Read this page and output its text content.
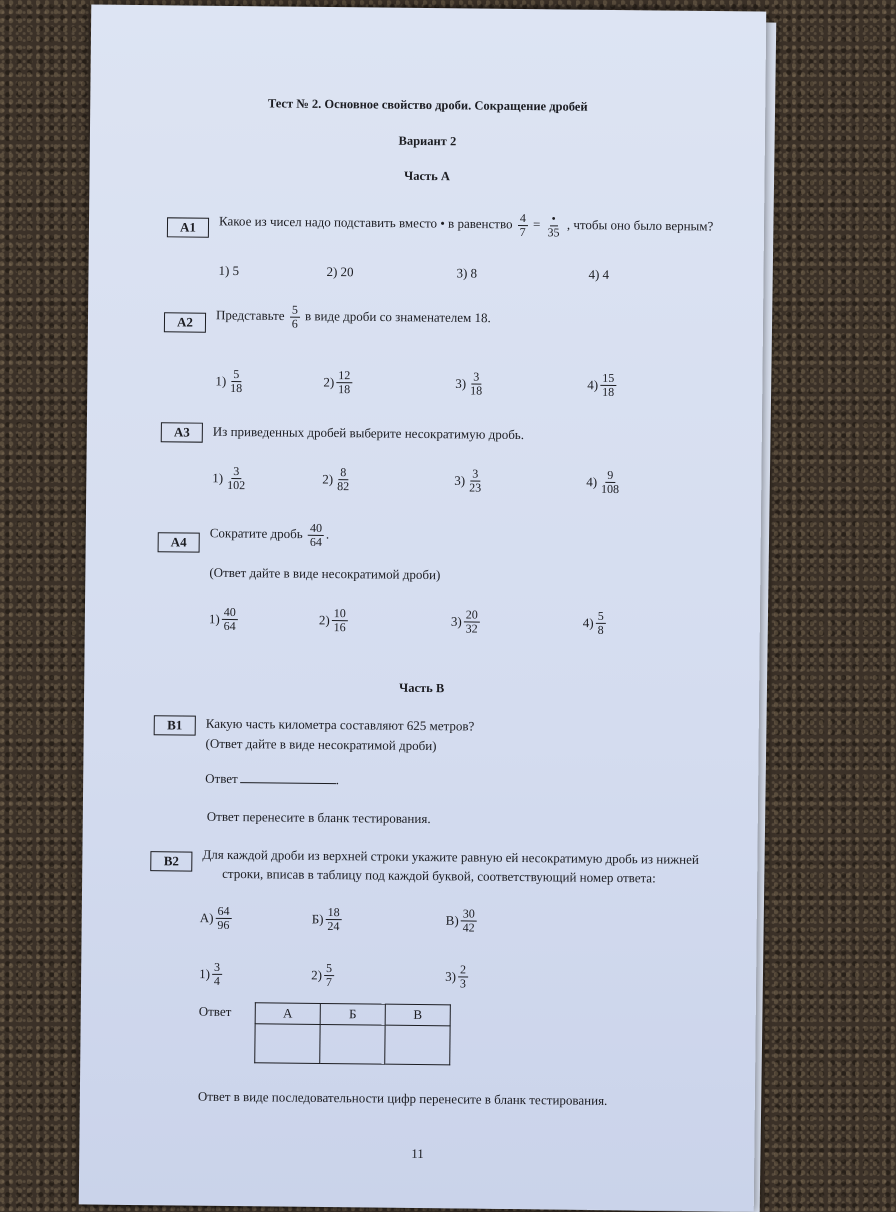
Тест № 2. Основное свойство дроби. Сокращение дробей
Вариант 2
Часть А
А1	Какое из чисел надо подставить вместо • в равенство $\frac{4}{7} = \frac{•}{35}$ , чтобы оно было верным?
1) 5	2) 20	3) 8	4) 4
А2	Представьте $\frac{5}{6}$ в виде дроби со знаменателем 18.
$1) \frac{5}{18}$	$2) \frac{12}{18}$	$3) \frac{3}{18}$	$4) \frac{15}{18}$
А3	Из приведенных дробей выберите несократимую дробь.
$1) \frac{3}{102}$	$2) \frac{8}{82}$	$3) \frac{3}{23}$	$4) \frac{9}{108}$
А4
Сократите дробь $\frac{40}{64}$ .
(Ответ дайте в виде несократимой дроби)
$1) \frac{40}{64}$	$2) \frac{10}{16}$	$3) \frac{20}{32}$	$4) \frac{5}{8}$
Часть В
В1	Какую часть километра составляют 625 метров?
(Ответ дайте в виде несократимой дроби)
Ответ	.
Ответ перенесите в бланк тестирования.
В2	Для каждой дроби из верхней строки укажите равную ей несократимую дробь из нижней
строки, вписав в таблицу под каждой буквой, соответствующий номер ответа:
$А) \frac{64}{96}$	$Б) \frac{18}{24}$	$В) \frac{30}{42}$
$1) \frac{3}{4}$	$2) \frac{5}{7}$	$3) \frac{2}{3}$
Ответ	А	Б	В

Ответ в виде последовательности цифр перенесите в бланк тестирования.
11
